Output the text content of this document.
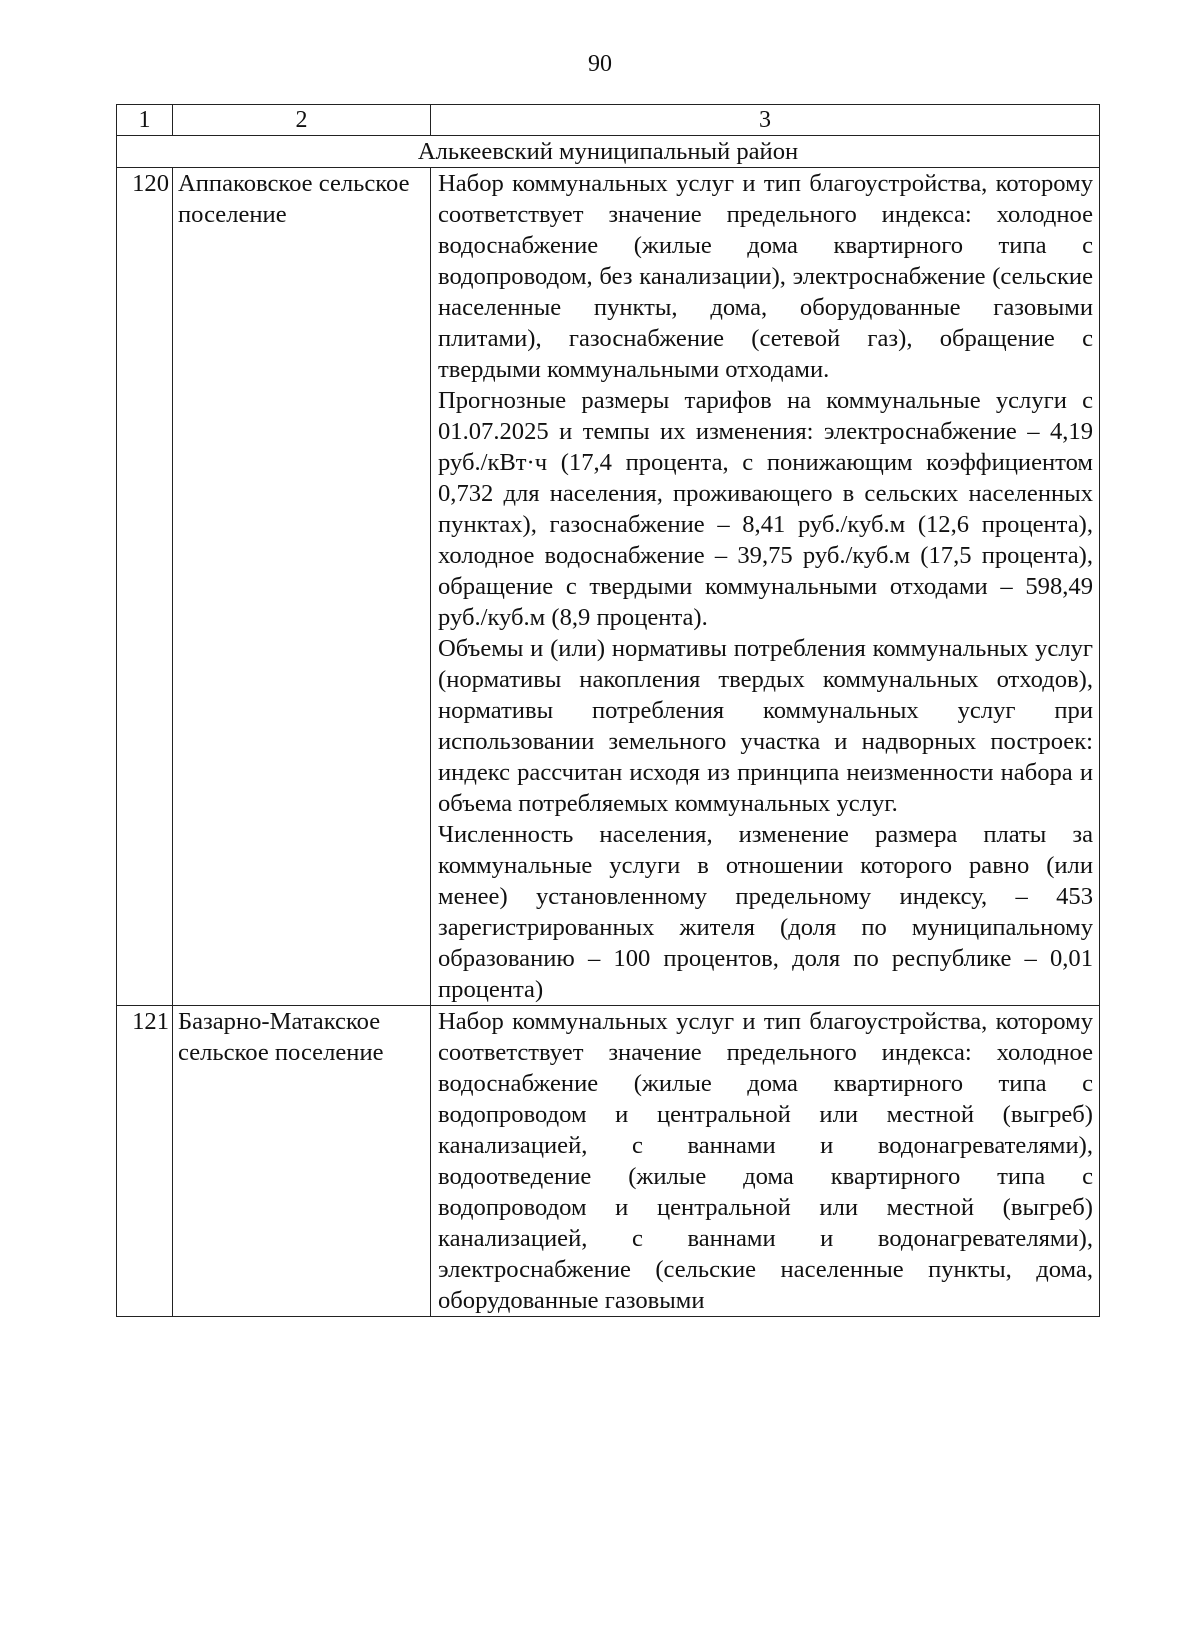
90
1	2	3
Алькеевский муниципальный район		
120	Аппаковское сельское поселение	Набор коммунальных услуг и тип благоустройства, которому соответствует значение предельного индекса: холодное водоснабжение (жилые дома квартирного типа с водопроводом, без канализации), электроснабжение (сельские населенные пункты, дома, оборудованные газовыми плитами), газоснабжение (сетевой газ), обращение с твердыми коммунальными отходами.

Прогнозные размеры тарифов на коммунальные услуги с 01.07.2025 и темпы их изменения: электроснабжение – 4,19 руб./кВт·ч (17,4 процента, с понижающим коэффициентом 0,732 для населения, проживающего в сельских населенных пунктах), газоснабжение – 8,41 руб./куб.м (12,6 процента), холодное водоснабжение – 39,75 руб./куб.м (17,5 процента), обращение с твердыми коммунальными отходами – 598,49 руб./куб.м (8,9 процента).

Объемы и (или) нормативы потребления коммунальных услуг (нормативы накопления твердых коммунальных отходов), нормативы потребления коммунальных услуг при использовании земельного участка и надворных построек: индекс рассчитан исходя из принципа неизменности набора и объема потребляемых коммунальных услуг.

Численность населения, изменение размера платы за коммунальные услуги в отношении которого равно (или менее) установленному предельному индексу, – 453 зарегистрированных жителя (доля по муниципальному образованию – 100 процентов, доля по республике – 0,01 процента)

121	Базарно-Матакское сельское поселение	Набор коммунальных услуг и тип благоустройства, которому соответствует значение предельного индекса: холодное водоснабжение (жилые дома квартирного типа с водопроводом и центральной или местной (выгреб) канализацией, с ваннами и водонагревателями), водоотведение (жилые дома квартирного типа с водопроводом и центральной или местной (выгреб) канализацией, с ваннами и водонагревателями), электроснабжение (сельские населенные пункты, дома, оборудованные газовыми
